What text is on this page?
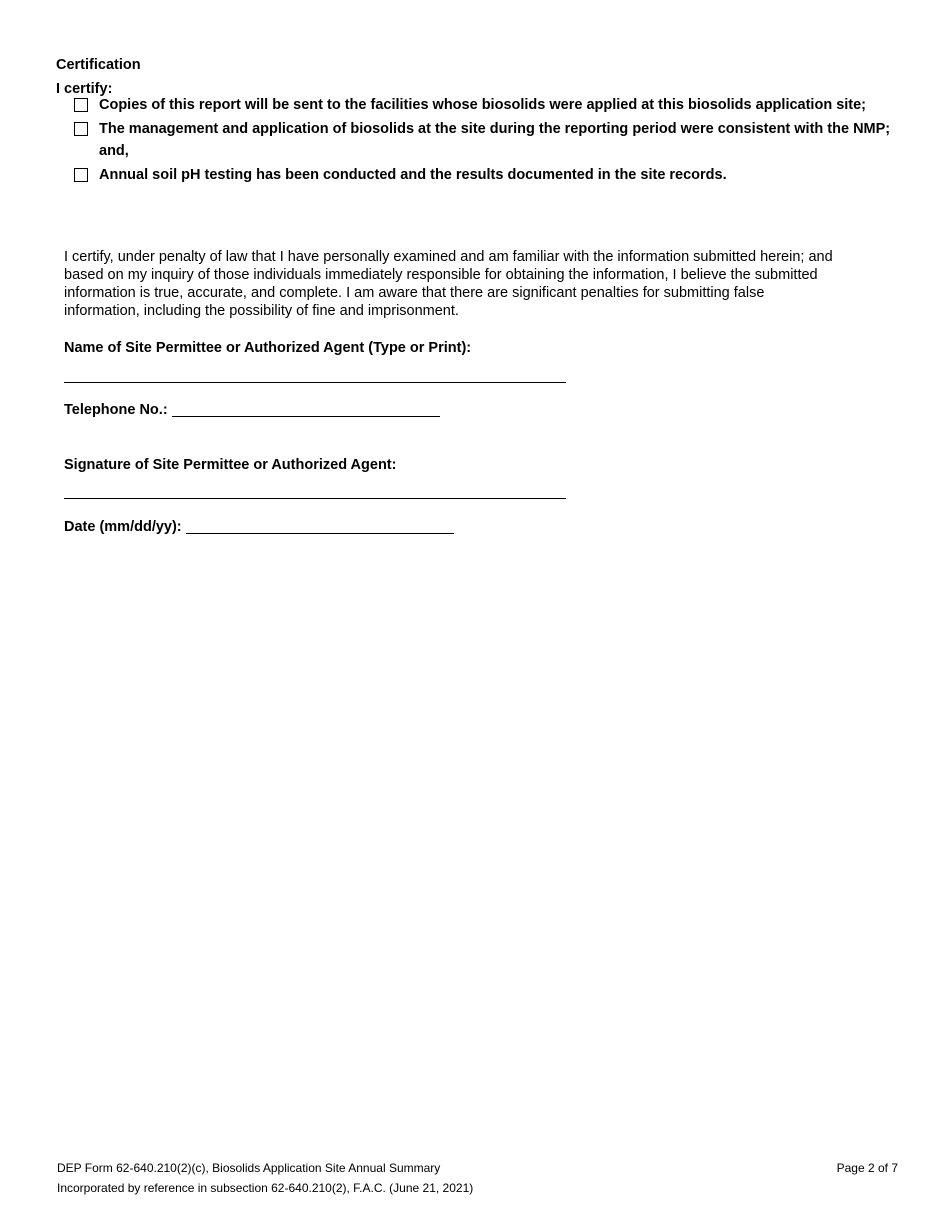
Certification
I certify:
Copies of this report will be sent to the facilities whose biosolids were applied at this biosolids application site;
The management and application of biosolids at the site during the reporting period were consistent with the NMP; and,
Annual soil pH testing has been conducted and the results documented in the site records.
I certify, under penalty of law that I have personally examined and am familiar with the information submitted herein; and based on my inquiry of those individuals immediately responsible for obtaining the information, I believe the submitted information is true, accurate, and complete. I am aware that there are significant penalties for submitting false information, including the possibility of fine and imprisonment.
Name of Site Permittee or Authorized Agent (Type or Print):
Telephone No.:
Signature of Site Permittee or Authorized Agent:
Date (mm/dd/yy):
DEP Form 62-640.210(2)(c), Biosolids Application Site Annual Summary
Incorporated by reference in subsection 62-640.210(2), F.A.C. (June 21, 2021)
Page 2 of 7
